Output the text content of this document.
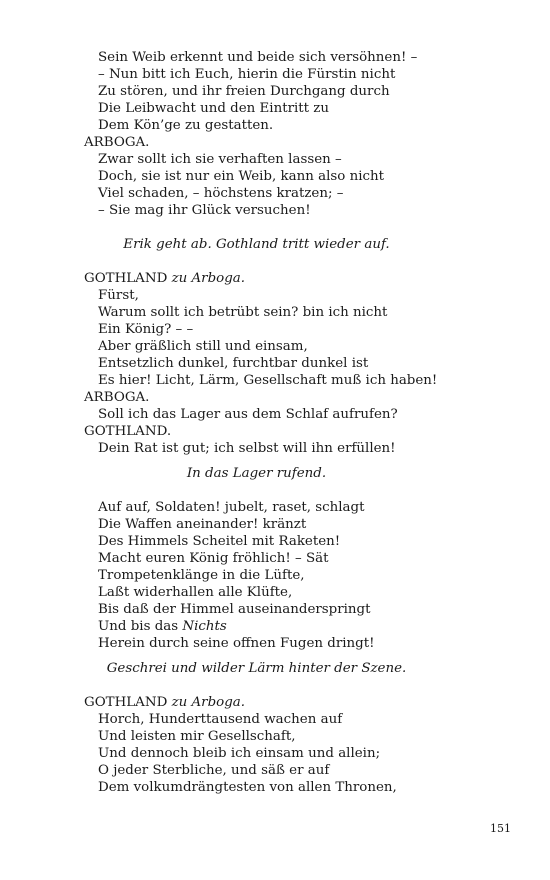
Sein Weib erkennt und beide sich versöhnen! –
– Nun bitt ich Euch, hierin die Fürstin nicht
Zu stören, und ihr freien Durchgang durch
Die Leibwacht und den Eintritt zu
Dem Kön’ge zu gestatten.
ARBOGA.
Zwar sollt ich sie verhaften lassen –
Doch, sie ist nur ein Weib, kann also nicht
Viel schaden, – höchstens kratzen; –
– Sie mag ihr Glück versuchen!
Erik geht ab. Gothland tritt wieder auf.
GOTHLAND zu Arboga.
Fürst,
Warum sollt ich betrübt sein? bin ich nicht
Ein König? – –
Aber gräßlich still und einsam,
Entsetzlich dunkel, furchtbar dunkel ist
Es hier! Licht, Lärm, Gesellschaft muß ich haben!
ARBOGA.
Soll ich das Lager aus dem Schlaf aufrufen?
GOTHLAND.
Dein Rat ist gut; ich selbst will ihn erfüllen!
In das Lager rufend.
Auf auf, Soldaten! jubelt, raset, schlagt
Die Waffen aneinander! kränzt
Des Himmels Scheitel mit Raketen!
Macht euren König fröhlich! – Sät
Trompetenklänge in die Lüfte,
Laßt widerhallen alle Klüfte,
Bis daß der Himmel auseinanderspringt
Und bis das Nichts
Herein durch seine offnen Fugen dringt!
Geschrei und wilder Lärm hinter der Szene.
GOTHLAND zu Arboga.
Horch, Hunderttausend wachen auf
Und leisten mir Gesellschaft,
Und dennoch bleib ich einsam und allein;
O jeder Sterbliche, und säß er auf
Dem volkumdrängtesten von allen Thronen,
151
